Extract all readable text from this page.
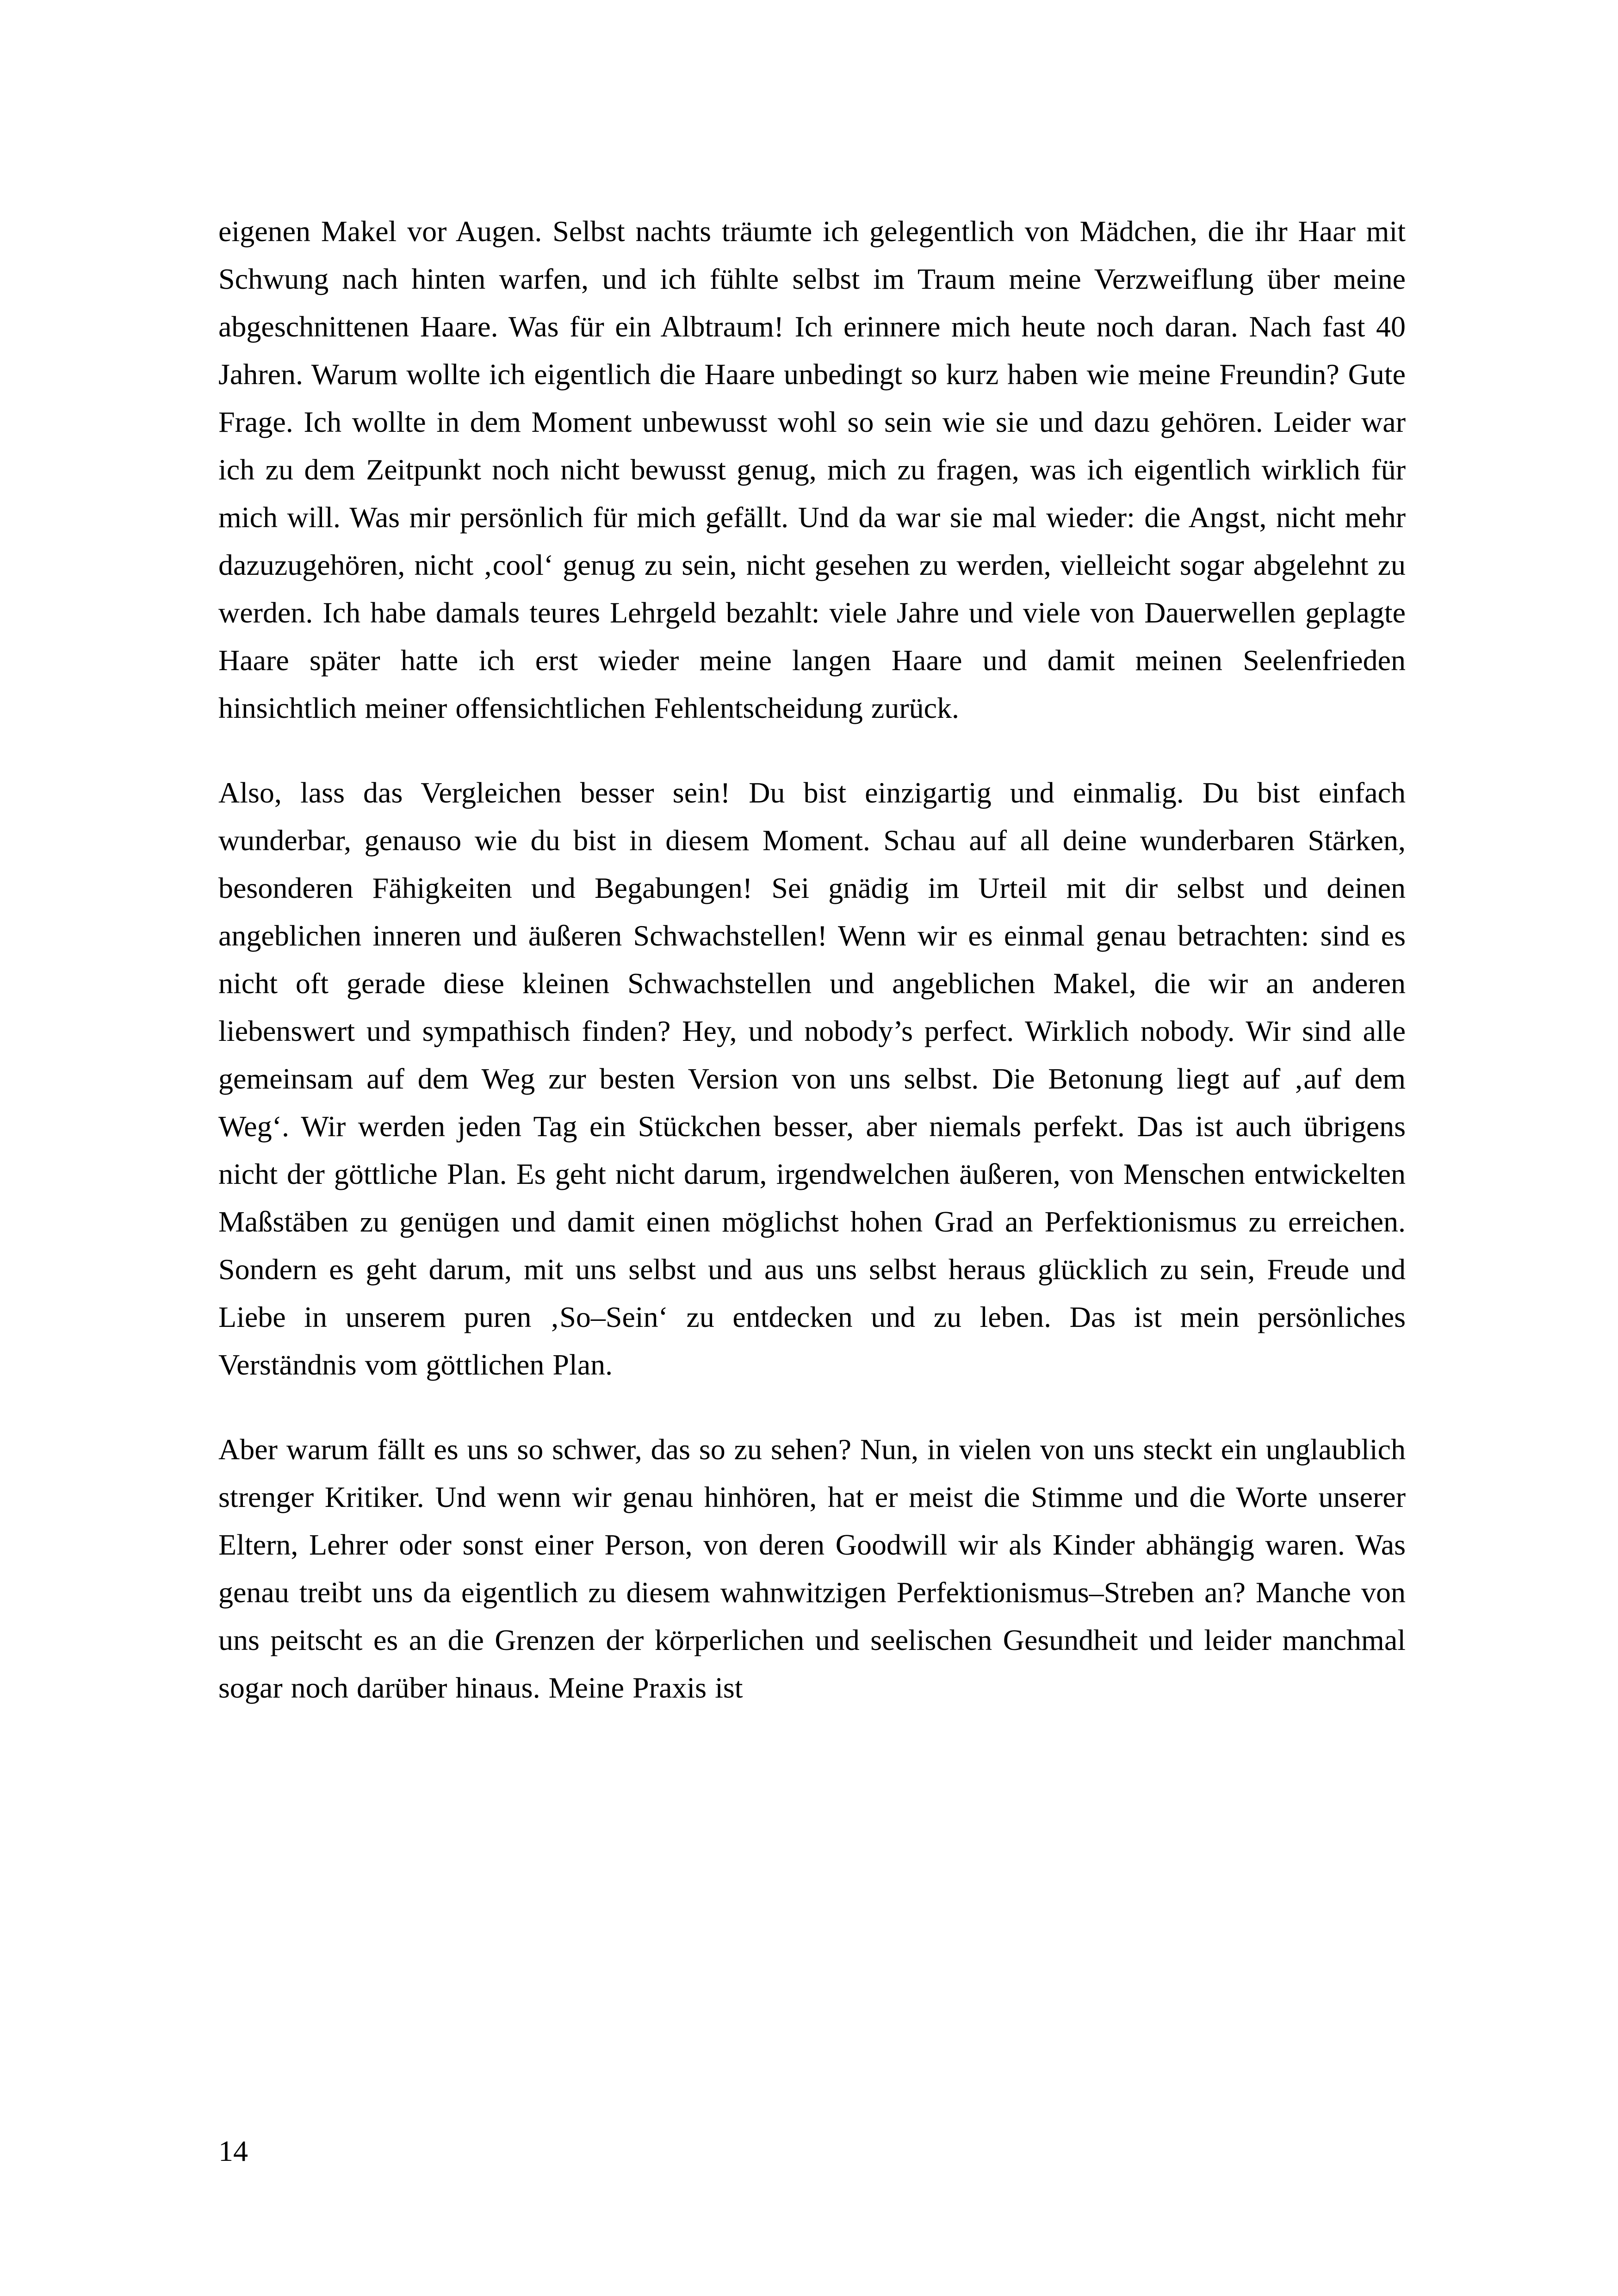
eigenen Makel vor Augen. Selbst nachts träumte ich gelegentlich von Mädchen, die ihr Haar mit Schwung nach hinten warfen, und ich fühlte selbst im Traum meine Verzweiflung über meine abgeschnittenen Haare. Was für ein Albtraum! Ich erinnere mich heute noch daran. Nach fast 40 Jahren. Warum wollte ich eigentlich die Haare unbedingt so kurz haben wie meine Freundin? Gute Frage. Ich wollte in dem Moment unbewusst wohl so sein wie sie und dazu gehören. Leider war ich zu dem Zeitpunkt noch nicht bewusst genug, mich zu fragen, was ich eigentlich wirklich für mich will. Was mir persönlich für mich gefällt. Und da war sie mal wieder: die Angst, nicht mehr dazuzugehören, nicht ‚cool‘ genug zu sein, nicht gesehen zu werden, vielleicht sogar abgelehnt zu werden. Ich habe damals teures Lehrgeld bezahlt: viele Jahre und viele von Dauerwellen geplagte Haare später hatte ich erst wieder meine langen Haare und damit meinen Seelenfrieden hinsichtlich meiner offensichtlichen Fehlentscheidung zurück.

Also, lass das Vergleichen besser sein! Du bist einzigartig und einmalig. Du bist einfach wunderbar, genauso wie du bist in diesem Moment. Schau auf all deine wunderbaren Stärken, besonderen Fähigkeiten und Begabungen! Sei gnädig im Urteil mit dir selbst und deinen angeblichen inneren und äußeren Schwachstellen! Wenn wir es einmal genau betrachten: sind es nicht oft gerade diese kleinen Schwachstellen und angeblichen Makel, die wir an anderen liebenswert und sympathisch finden? Hey, und nobody’s perfect. Wirklich nobody. Wir sind alle gemeinsam auf dem Weg zur besten Version von uns selbst. Die Betonung liegt auf ‚auf dem Weg‘. Wir werden jeden Tag ein Stückchen besser, aber niemals perfekt. Das ist auch übrigens nicht der göttliche Plan. Es geht nicht darum, irgendwelchen äußeren, von Menschen entwickelten Maßstäben zu genügen und damit einen möglichst hohen Grad an Perfektionismus zu erreichen. Sondern es geht darum, mit uns selbst und aus uns selbst heraus glücklich zu sein, Freude und Liebe in unserem puren ‚So–Sein‘ zu entdecken und zu leben. Das ist mein persönliches Verständnis vom göttlichen Plan.

Aber warum fällt es uns so schwer, das so zu sehen? Nun, in vielen von uns steckt ein unglaublich strenger Kritiker. Und wenn wir genau hinhören, hat er meist die Stimme und die Worte unserer Eltern, Lehrer oder sonst einer Person, von deren Goodwill wir als Kinder abhängig waren. Was genau treibt uns da eigentlich zu diesem wahnwitzigen Perfektionismus–Streben an? Manche von uns peitscht es an die Grenzen der körperlichen und seelischen Gesundheit und leider manchmal sogar noch darüber hinaus. Meine Praxis ist

14
